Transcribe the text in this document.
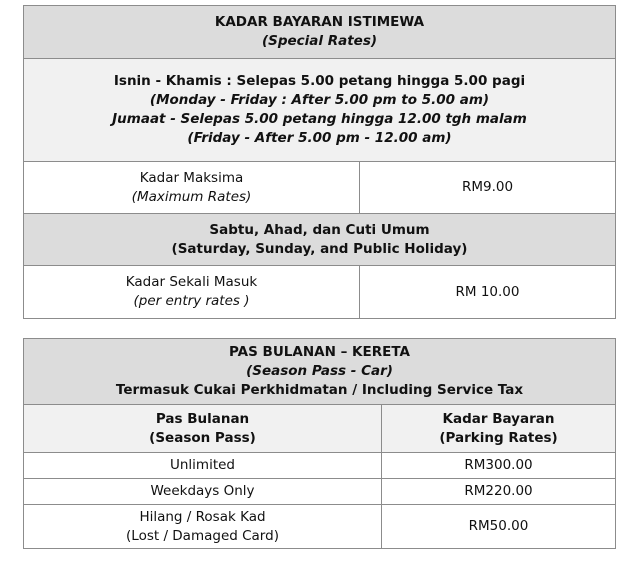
KADAR BAYARAN ISTIMEWA
(Special Rates)	

Isnin - Khamis : Selepas 5.00 petang hingga 5.00 pagi
(Monday - Friday : After 5.00 pm to 5.00 am)
Jumaat - Selepas 5.00 petang hingga 12.00 tgh malam
(Friday - After 5.00 pm - 12.00 am)	

Kadar Maksima
(Maximum Rates)	RM9.00

Sabtu, Ahad, dan Cuti Umum
(Saturday, Sunday, and Public Holiday)	

Kadar Sekali Masuk
(per entry rates )	RM 10.00
PAS BULANAN – KERETA
(Season Pass - Car)
Termasuk Cukai Perkhidmatan / Including Service Tax	

Pas Bulanan
(Season Pass)	Kadar Bayaran
(Parking Rates)

Unlimited	RM300.00
Weekdays Only	RM220.00

Hilang / Rosak Kad
(Lost / Damaged Card)	RM50.00
